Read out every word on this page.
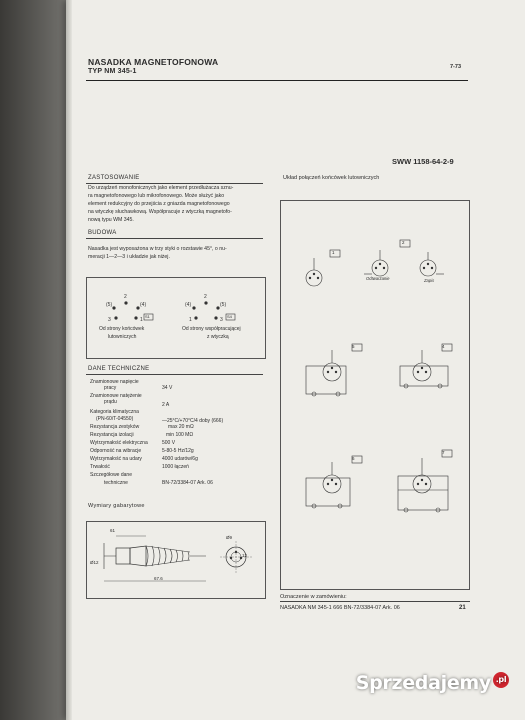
NASADKA MAGNETOFONOWA
TYP NM 345-1
7-73
SWW 1158-64-2-9
ZASTOSOWANIE
Do urządzeń monofonicznych jako element przedłużacza sznu-
ra magnetofonowego lub mikrofonowego. Może służyć jako
element redukcyjny do przejścia z gniazda magnetofonowego
na wtyczkę słuchawkową. Współpracuje z wtyczką magnetofo-
nową typu WM 345.
BUDOWA
Nasadka jest wyposażona w trzy styki o rozstawie 45°, o nu-
meracji 1—2—3 i układzie jak niżej.
2
(5)	(4)
3	1
2
(4)	(5)
1	3
S1	S4
Od strony końcówek
lutowniczych
Od strony współpracującej
z wtyczką
DANE TECHNICZNE
Znamionowe napięcie
pracy	34 V
Znamionowe natężenie
prądu	2 A
Kategoria klimatyczna
(PN-60/T-04550)	—25°C/+70°C/4 doby (666)
Rezystancja zestyków	max 20 mΩ
Rezystancja izolacji	min 100 MΩ
Wytrzymałość elektryczna	500 V
Odporność na wibracje	5-80-5 Hz/12g
Wytrzymałość na udary	4000 udarów/6g
Trwałość	1000 łączeń
Szczegółowe dane
techniczne	BN-72/3384-07 Ark. 06
Wymiary gabarytowe
61
67.6
Ø12
Ø9
12
Układ połączeń końcówek lutowniczych
1
2
5	4
6
7
Odtwarzanie	Zapis
Oznaczenie w zamówieniu:
NASADKA NM 345-1 666 BN-72/3384-07 Ark. 06	21
Sprzedajemy .pl
